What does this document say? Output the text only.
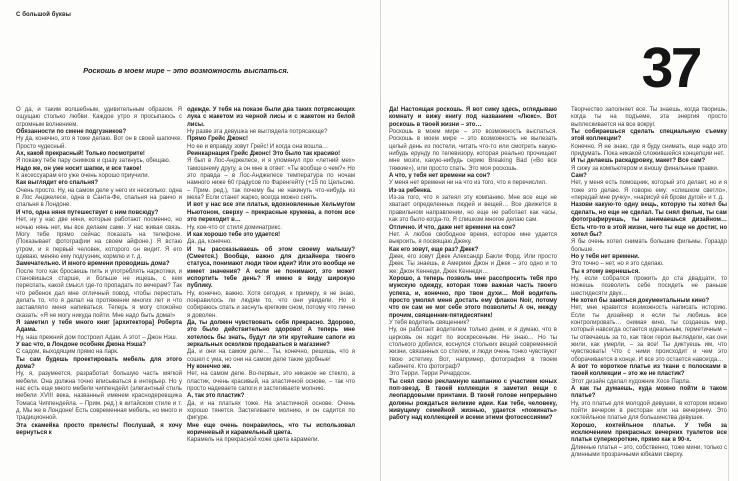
С большой буквы
Роскошь в моем мире – это возможность выспаться.	37

О да, и таким волшебным, удивительным образом. Я ощущаю столько любви. Каждое утро я просыпаюсь с огромным волнением.

Обязанности по смене подгузников?

Ну да, конечно, это я тоже делаю. Вот он в своей шапочке. Просто чудесный.

Ах, какой прекрасный! Только посмотрите!

Я покажу тебе пару снимков и сразу заткнусь, обещаю.

Надо же, он уже носит шапки, и все такое!

К аксессуарам его уже очень хорошо приучили.

Как выглядит его спальня?

Очень просто. Ну, на самом деле у него их несколько: одна в Лос Анджелесе, одна в Санта-Фе, спальня на ранчо и спальня в Лондоне.

И что, одна няня путешествует с ним повсюду?

Нет, ну у нас две няни, которые работают посменно, но ночью нянь нет, мы все делаем сами. У нас живая связь. Могу тебе прямо сейчас показать на телефоне. (Показывает фотографии на своем айфоне.) Я встаю утром, и я первый человек, которого он видит. Я его одеваю, меняю ему подгузник, кормлю и т. д.

Замечательно. И много времени проводишь дома?

После того как бросаешь пить и употреблять наркотики, и становишься старше, и больше не ищешь, с кем переспать, какой смысл где-то пропадать по вечерам? Так что ребенок дал мне отличный повод, чтобы перестать делать то, что я делал на протяжении многих лет и что заставляло меня напиваться. Теперь я могу спокойно сказать: «Я не могу никуда пойти. Мне надо быть дома!»

Я заметил у тебя много книг [архитектора] Роберта Адама.

Ну, наш прежний дом построил Адам. А этот – Джон Нэш.

У вас что, в Лондоне особняк Джона Нэша?

С садом, выходящим прямо на парк.

Ты сам будешь проектировать мебель для этого дома?

Ну, я, разумеется, разработал большую часть мягкой мебели. Она должна точно вписываться в интерьер. Но у нас есть еще много мебели чиппендейл (элегантный стиль мебели XVIII века, названный именем краснодеревщика Томаса Чиппендейла. – Прим. ред.) в китайском стиле и т. д. Мы же в Лондоне! Есть современная мебель, но много и традиционной.

Эта скамейка просто прелесть! Послушай, я хочу вернуться к

одежде. У тебя на показе были два таких потрясающих лука с жакетом из черной лисы и с жакетом из белой лисы.

Ну разве эта девушка не выглядела потрясающе?

Прямо Грейс Джонс!

Но ее и вправду зовут Грейс! И когда она вошла…

Реинкарнация Грейс Джонс! Это было так красиво!

Я был в Лос-Анджелесе, и я упомянул про «летний мех» тамошнему другу, а он мне в ответ: «Ты вообще о чем?» Но это правда – в Лос-Анджелесе температура по ночам намного ниже 60 градусов по Фаренгейту (+15 по Цельсию. – Прим. ред.), так почему бы не накинуть что-нибудь из меха? Если станет жарко, всегда можно снять.

И вот у нас все эти платья, вдохновленные Хельмутом Ньютоном, сверху – прекрасные кружева, а потом все это переходит в…

Ну, кое-что от стиля доминатрикс.

И как хорошо тебе это удается!

Да, да, конечно.

И ты рассказываешь об этом своему малышу? (Смеется.) Вообще, важно для дизайнера твоего статуса, понимают люди твои идеи? Или это вообще не имеет значения? А если не понимают, это может испортить тебе день? Я имею в виду широкую публику.

Ну, конечно, важно. Хотя сегодня, к примеру, я не знаю, понравилось ли людям то, что они увидели. Но я собираюсь спать и заснуть крепким сном, потому что лично я доволен.

Да, ты должен чувствовать себя прекрасно. Здорово, это было действительно здорово! А теперь мне хотелось бы знать, будут ли эти крутейшие сапоги из зеркальных осколков продаваться в магазине?

Да, и они на самом деле… Ты, конечно, решишь, что я сошел с ума, но они на самом деле такие удобные!

Ну конечно же.

Нет, на самом деле. Во-первых, это никакое не стекло, а пластик, очень красивый, на эластичной основе, – так что просто надеваете сапоги и застегиваете молнию.

А, так это пластик?

Да, и на платьях тоже. На эластичной основе. Очень хорошо тянется. Застегиваете молнию, и он садится по фигуре.

Мне еще очень понравилось, что ты использовал коричневый и карамельный цвета.

Карамель на прекрасной коже цвета карамели.

Да! Настоящая роскошь. Я вот сижу здесь, оглядываю комнату и вижу книгу под названием «Люкс». Вот роскошь в твоей жизни – это…

Роскошь в моем мире – это возможность выспаться. Роскошь в моем мире – это возможность не вылезать целый день из постели, читать что-то или смотреть какую-нибудь ерунду по телевизору, которая реально прочищает мне мозги, какую-нибудь серию Breaking Bad («Во все тяжкие»), или просто спать. Это моя роскошь.

А что, у тебя нет времени на сон?

У меня нет времени ни на что из того, что я перечислил.

Из-за ребенка.

Из-за того, что я затеял эту компанию. Мне все еще не хватает определенных людей и вещей… Все движется в правильном направлении, но еще не работает как часы, как это было когда-то. Я слишком многое делаю сам.

Отлично. И что, даже нет времени на сон?

Нет. А любое свободное время, которое мне удается выкроить, я посвящаю Джеку.

Как его зовут, еще раз? Джек?

Джек, его зовут Джек Александр Бакли Форд. Или просто Джек. Ты знаешь, в Америке Джон и Джек – это одно и то же: Джон Кеннеди, Джек Кеннеди…

Хорошо, а теперь позволь мне расспросить тебя про мужскую одежду, которая тоже важная часть твоего успеха, и, конечно, про твои духи… Мой водитель просто умолял меня достать ему флакон Noir, потому что он сам не мог себе этого позволить! А он, между прочим, священник-пятидесятник!

У тебя водитель священник?

Ну, он работает водителем только днем, и я думаю, что в церковь он ходит по воскресеньям. Не знаю… Но ты столького добился, коснулся стольких вещей современной жизни, связанных со стилем, и люди очень тонко чувствуют твою эстетику. Вот, например, фотография в твоем кабинете. Кто фотограф?

Это Терри. Терри Ричардсон.

Ты снял свою рекламную кампанию с участием юных поп-звезд. В твоей коллекции я заметил вещи с леопардовыми принтами. В твоей голове непрерывно должны рождаться великие идеи. Как тебе, человеку, живущему семейной жизнью, удается «пожинать» работу над коллекцией и всеми этими фотосессиями?

Творчество заполняет все. Ты знаешь, когда творишь, когда ты на подъеме, эта энергия просто выплескивается на все вокруг.

Ты собираешься сделать специальную съемку этой коллекции?

Конечно. Я не знаю, где я буду снимать, еще надо это придумать. Пока никакой сложившейся концепции нет.

И ты делаешь раскадровку, макет? Все сам?

Я сижу за компьютером и вношу финальные правки.

Сам?

Нет, у меня есть помощник, который это делает, но и я тоже это делаю. Я говорю ему: «слишком светло», «передай мне ручку», «нарисуй ей брови дугой» и т. д.

Назови какую-то одну вещь, которую ты хотел бы сделать, но еще не сделал. Ты снял фильм, ты сам фотографируешь, ты занимаешься дизайном… Есть что-то в этой жизни, чего ты еще не достиг, но хотел бы?

Я бы очень хотел снимать большие фильмы. Гораздо больше.

Но у тебя нет времени.

Это точно – нет, но я это сделаю.

Ты к этому вернешься.

Ну, если собрался прожить до ста двадцати, то можешь позволить себе посидеть не раньше шестидесяти двух…

Не хотел бы заняться документальным кино?

Нет, мне нравится возможность написать историю. Если ты дизайнер и если ты любишь все контролировать… снимая кино, ты создаешь мир, который навсегда остается идеальным, герметичным – ты отвечаешь за то, как твои герои выглядели, как они жили, как умерли, – за все! Ты диктуешь им, что чувствовать! Что с ними происходит и чем это оборачивается в конце. И все это остается навсегда…

А вот то короткое платье из ткани с полосками в твоей коллекции – это же не пластик?

Этот дизайн сделал художник Хосе Парла.

А как ты думаешь, куда можно пойти в таком платье?

Ну, это платье для молодой девушки, в котором можно пойти вечером в ресторан или на вечеринку. Это коктейльное платье для большинства девушек.

Хорошо, коктейльное платье. У тебя за исключением прекрасных вечерних туалетов все платья суперкороткие, прямо как в 90-х.

Длинные платья – это, собственно, тоже мини, только с длинными прозрачными юбками сверху.
